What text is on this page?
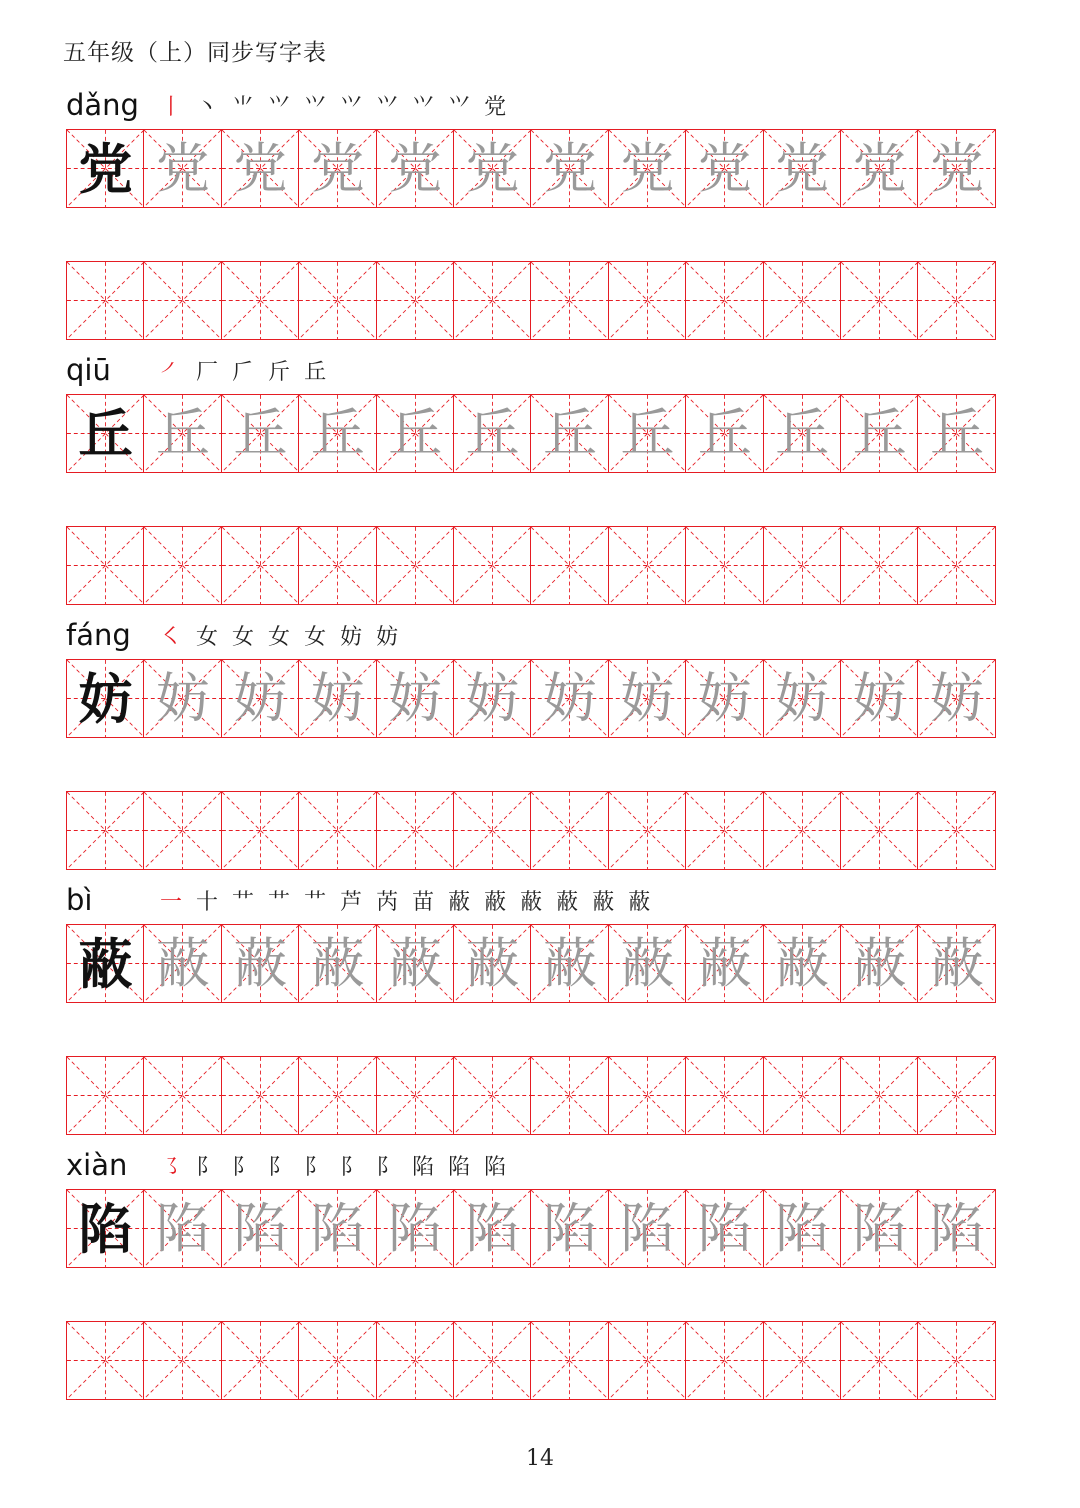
五年级（上）同步写字表
dǎng 丨 丶 ⺌ ⺍ ⺍ ⺍ ⺍ ⺍ ⺍ 党
党 党 党 党 党 党 党 党 党 党 党 党
qiū ㇒ 厂 𠂆 斤 丘
丘 丘 丘 丘 丘 丘 丘 丘 丘 丘 丘 丘
fáng ㇛ 女 女 女 女 妨 妨
妨 妨 妨 妨 妨 妨 妨 妨 妨 妨 妨 妨
bì	一 十 艹 艹 艹 芦 芮 苗 蔽 蔽 蔽 蔽 蔽 蔽
蔽 蔽 蔽 蔽 蔽 蔽 蔽 蔽 蔽 蔽 蔽 蔽
xiàn ㇌ 阝 阝 阝 阝 阝 阝 陷 陷 陷
陷 陷 陷 陷 陷 陷 陷 陷 陷 陷 陷 陷
14
